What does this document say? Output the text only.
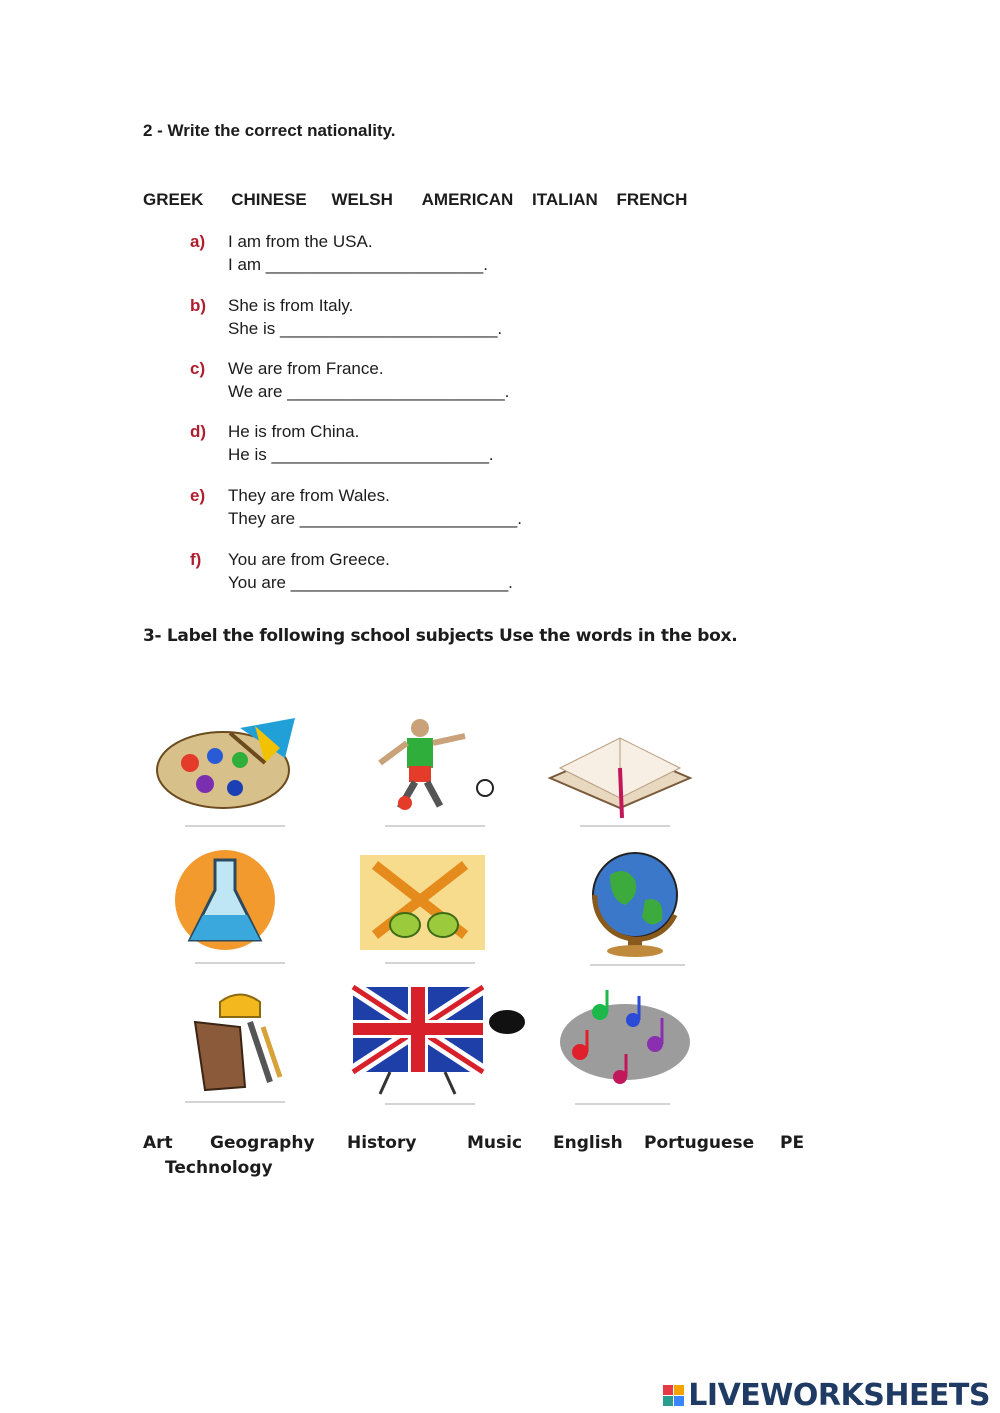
2 - Write the correct nationality.
GREEK CHINESE WELSH AMERICAN ITALIAN FRENCH
a) I am from the USA.
I am _______________________.
b) She is from Italy.
She is _______________________.
c) We are from France.
We are _______________________.
d) He is from China.
He is _______________________.
e) They are from Wales.
They are _______________________.
f) You are from Greece.
You are _______________________.
3- Label the following school subjects Use the words in the box.
Art Geography History	Music English Portuguese PE
Technology
LIVEWORKSHEETS
